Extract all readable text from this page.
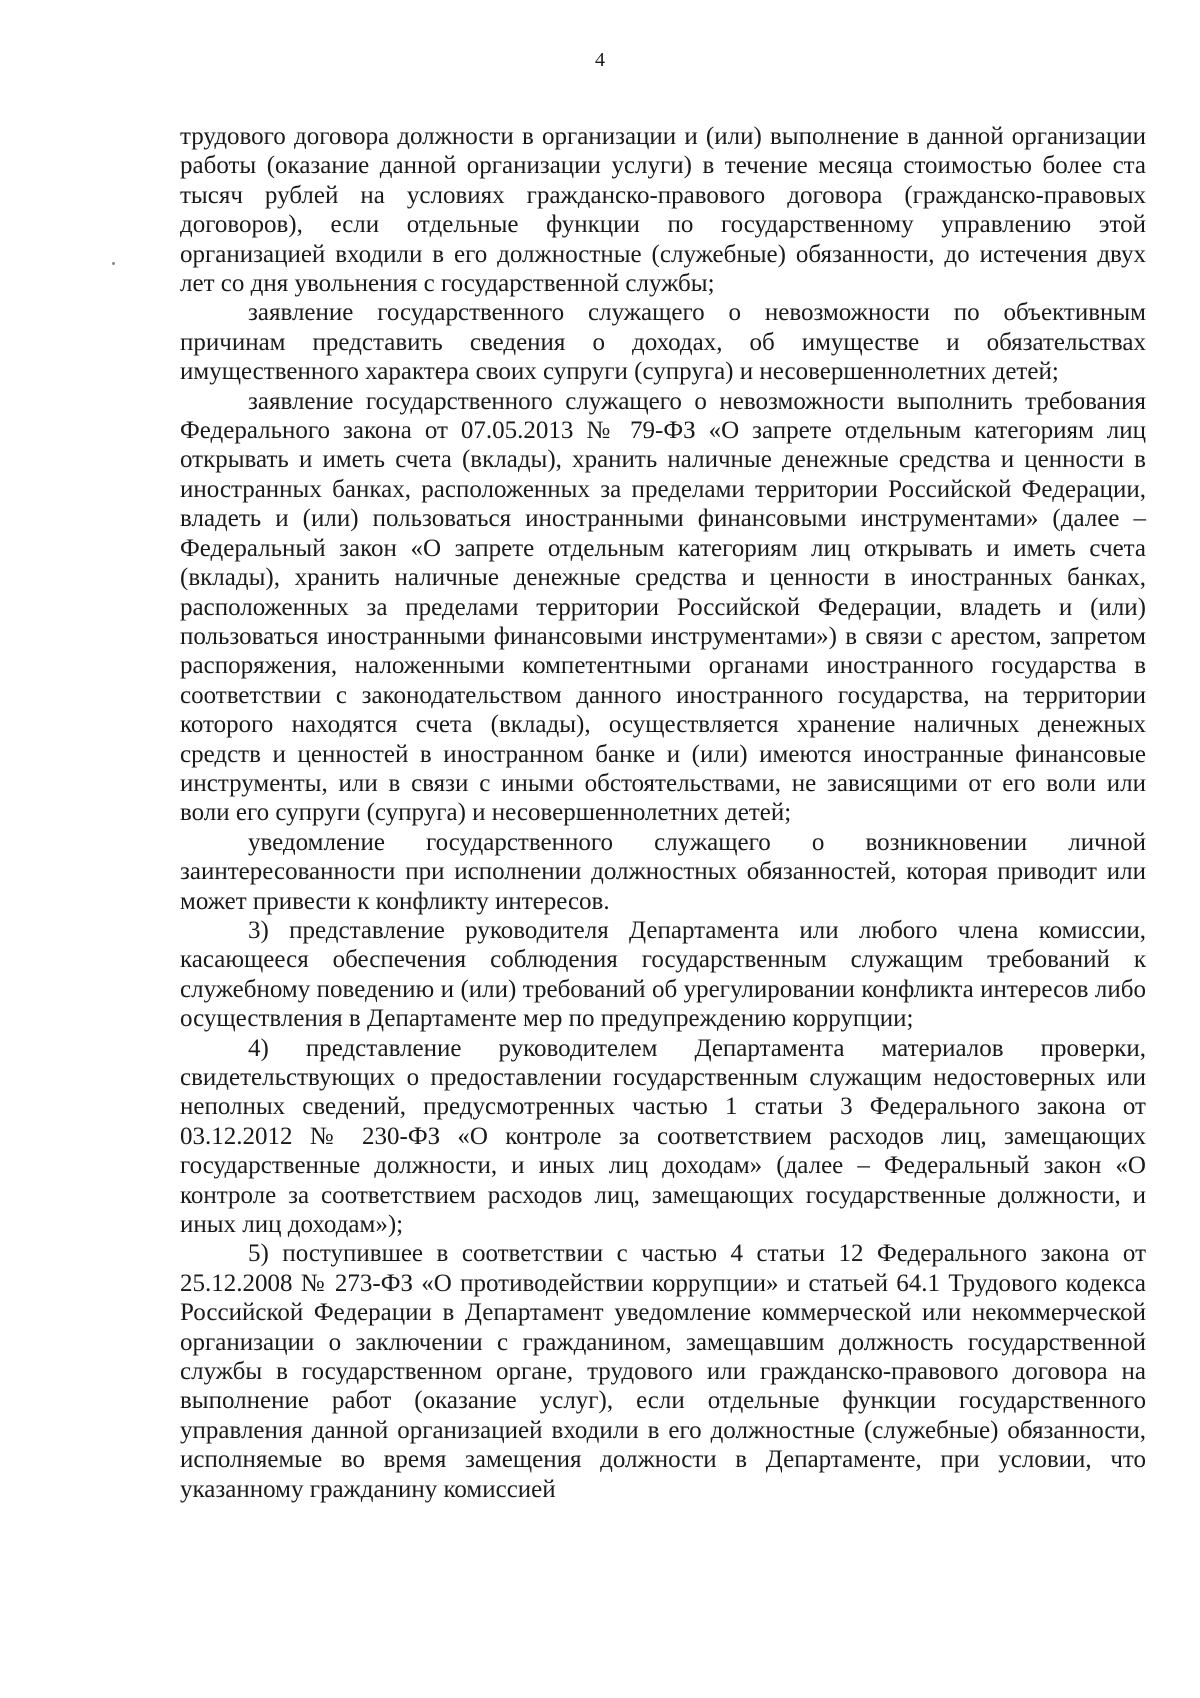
4

трудового договора должности в организации и (или) выполнение в данной организации работы (оказание данной организации услуги) в течение месяца стоимостью более ста тысяч рублей на условиях гражданско-правового договора (гражданско-правовых договоров), если отдельные функции по государственному управлению этой организацией входили в его должностные (служебные) обязанности, до истечения двух лет со дня увольнения с государственной службы;

заявление государственного служащего о невозможности по объективным причинам представить сведения о доходах, об имуществе и обязательствах имущественного характера своих супруги (супруга) и несовершеннолетних детей;

заявление государственного служащего о невозможности выполнить требования Федерального закона от 07.05.2013 № 79-ФЗ «О запрете отдельным категориям лиц открывать и иметь счета (вклады), хранить наличные денежные средства и ценности в иностранных банках, расположенных за пределами территории Российской Федерации, владеть и (или) пользоваться иностранными финансовыми инструментами» (далее – Федеральный закон «О запрете отдельным категориям лиц открывать и иметь счета (вклады), хранить наличные денежные средства и ценности в иностранных банках, расположенных за пределами территории Российской Федерации, владеть и (или) пользоваться иностранными финансовыми инструментами») в связи с арестом, запретом распоряжения, наложенными компетентными органами иностранного государства в соответствии с законодательством данного иностранного государства, на территории которого находятся счета (вклады), осуществляется хранение наличных денежных средств и ценностей в иностранном банке и (или) имеются иностранные финансовые инструменты, или в связи с иными обстоятельствами, не зависящими от его воли или воли его супруги (супруга) и несовершеннолетних детей;

уведомление государственного служащего о возникновении личной заинтересованности при исполнении должностных обязанностей, которая приводит или может привести к конфликту интересов.

3) представление руководителя Департамента или любого члена комиссии, касающееся обеспечения соблюдения государственным служащим требований к служебному поведению и (или) требований об урегулировании конфликта интересов либо осуществления в Департаменте мер по предупреждению коррупции;

4) представление руководителем Департамента материалов проверки, свидетельствующих о предоставлении государственным служащим недостоверных или неполных сведений, предусмотренных частью 1 статьи 3 Федерального закона от 03.12.2012 № 230-ФЗ «О контроле за соответствием расходов лиц, замещающих государственные должности, и иных лиц доходам» (далее – Федеральный закон «О контроле за соответствием расходов лиц, замещающих государственные должности, и иных лиц доходам»);

5) поступившее в соответствии с частью 4 статьи 12 Федерального закона от 25.12.2008 № 273-ФЗ «О противодействии коррупции» и статьей 64.1 Трудового кодекса Российской Федерации в Департамент уведомление коммерческой или некоммерческой организации о заключении с гражданином, замещавшим должность государственной службы в государственном органе, трудового или гражданско-правового договора на выполнение работ (оказание услуг), если отдельные функции государственного управления данной организацией входили в его должностные (служебные) обязанности, исполняемые во время замещения должности в Департаменте, при условии, что указанному гражданину комиссией
